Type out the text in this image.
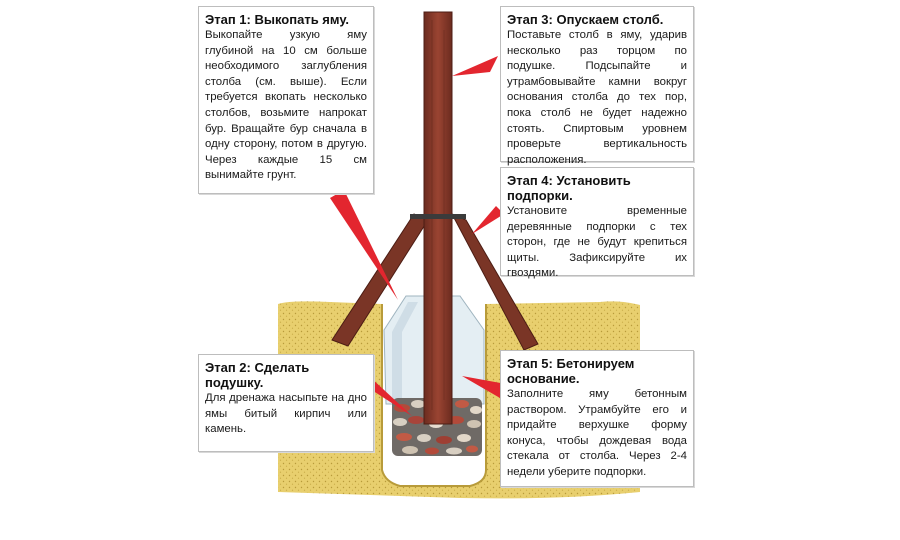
Этап 1: Выкопать яму.

Выкопайте узкую яму глубиной на 10 см больше необходимого заглубления столба (см. выше). Если требуется вкопать несколько столбов, возьмите напрокат бур. Вращайте бур сначала в одну сторону, потом в другую. Через каждые 15 см вынимайте грунт.

Этап 3: Опускаем столб.

Поставьте столб в яму, ударив несколько раз торцом по подушке. Подсыпайте и утрамбовывайте камни вокруг основания столба до тех пор, пока столб не будет надежно стоять. Спиртовым уровнем проверьте вертикальность расположения.

Этап 4: Установить подпорки.

Установите временные деревянные подпорки с тех сторон, где не будут крепиться щиты. Зафиксируйте их гвоздями.

Этап 2: Сделать подушку.

Для дренажа насыпьте на дно ямы битый кирпич или камень.

Этап 5: Бетонируем основание.

Заполните яму бетонным раствором. Утрамбуйте его и придайте верхушке форму конуса, чтобы дождевая вода стекала от столба. Через 2-4 недели уберите подпорки.
